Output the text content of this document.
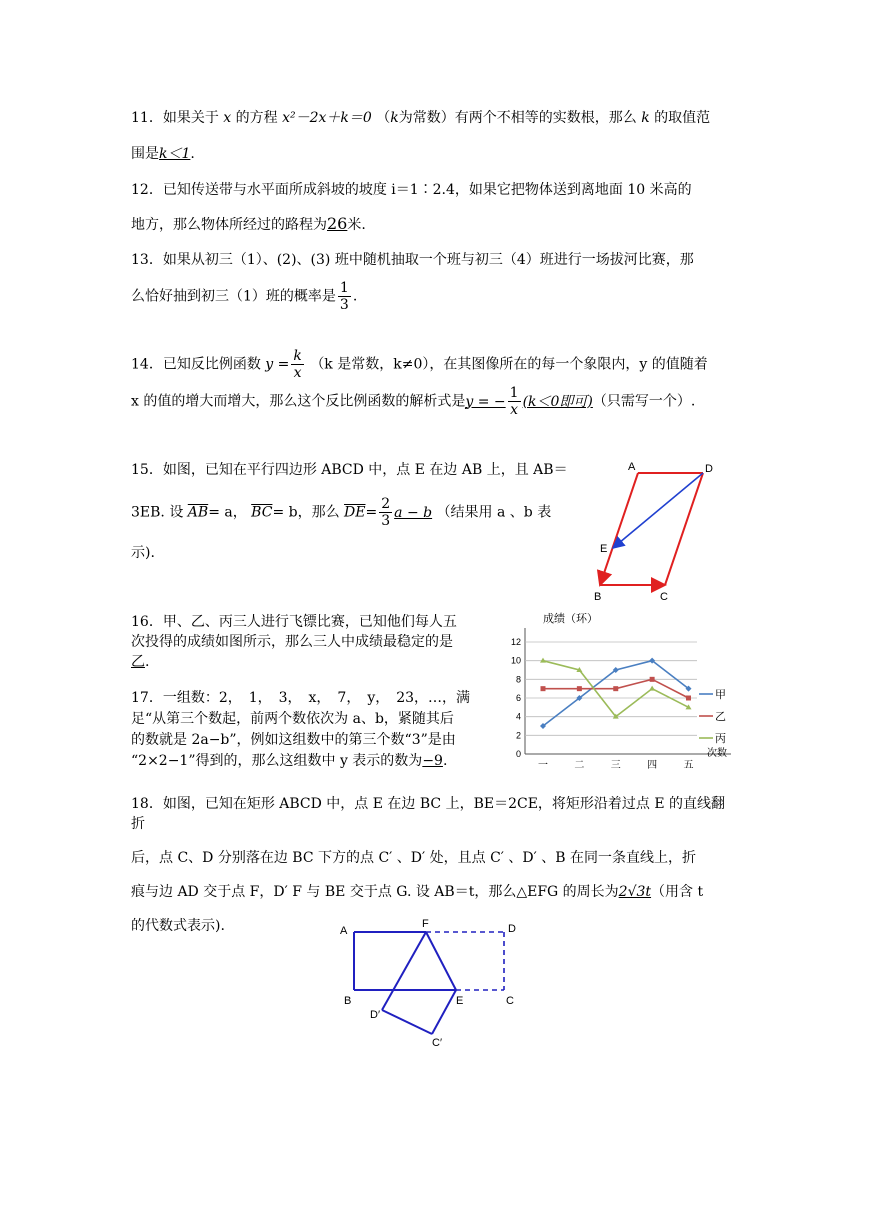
11．如果关于 x 的方程 x²－2x＋k＝0 （k为常数）有两个不相等的实数根，那么 k 的取值范
围是k＜1.
12．已知传送带与水平面所成斜坡的坡度 i＝1∶2.4，如果它把物体送到离地面 10 米高的
地方，那么物体所经过的路程为26米.
13．如果从初三（1）、(2)、(3) 班中随机抽取一个班与初三（4）班进行一场拔河比赛，那
么恰好抽到初三（1）班的概率是 $\frac{1}{3}$ .
14．已知反比例函数 $y = \frac{k}{x} (k$ 是常数，k≠0），在其图像所在的每一个象限内，y 的值随着
x 的值的增大而增大，那么这个反比例函数的解析式是y = − $\frac{1}{x} (k<0$即可)（只需写一个）.
15．如图，已知在平行四边形 ABCD 中，点 E 在边 AB 上，且 AB＝
3EB. 设 $\overline{AB}= a$， $\overline{BC}= b$，那么 $\overline{DE}= \frac{2}{3}$ a − b （结果用 a 、b 表
示).
A	D
E
B	C
16．甲、乙、丙三人进行飞镖比赛，已知他们每人五
次投得的成绩如图所示，那么三人中成绩最稳定的是
乙.
17．一组数：2，　1，　3，　x，　7，　y，　23，…，满
足“从第三个数起，前两个数依次为 a、b，紧随其后
的数就是 2a−b”，例如这组数中的第三个数“3”是由
“2×2−1”得到的，那么这组数中 y 表示的数为−9.
成绩（环）
0
2
4
6
8
10
12
一	二	三	四	五
甲
乙
丙
次数
18．如图，已知在矩形 ABCD 中，点 E 在边 BC 上，BE＝2CE，将矩形沿着过点 E 的直线翻折
后，点 C、D 分别落在边 BC 下方的点 C′ 、D′ 处，且点 C′ 、D′ 、B 在同一条直线上，折
痕与边 AD 交于点 F，D′ F 与 BE 交于点 G. 设 AB＝t，那么△EFG 的周长为2√3t（用含 t
的代数式表示).	A
F	D
B	E	C
D′
C′
